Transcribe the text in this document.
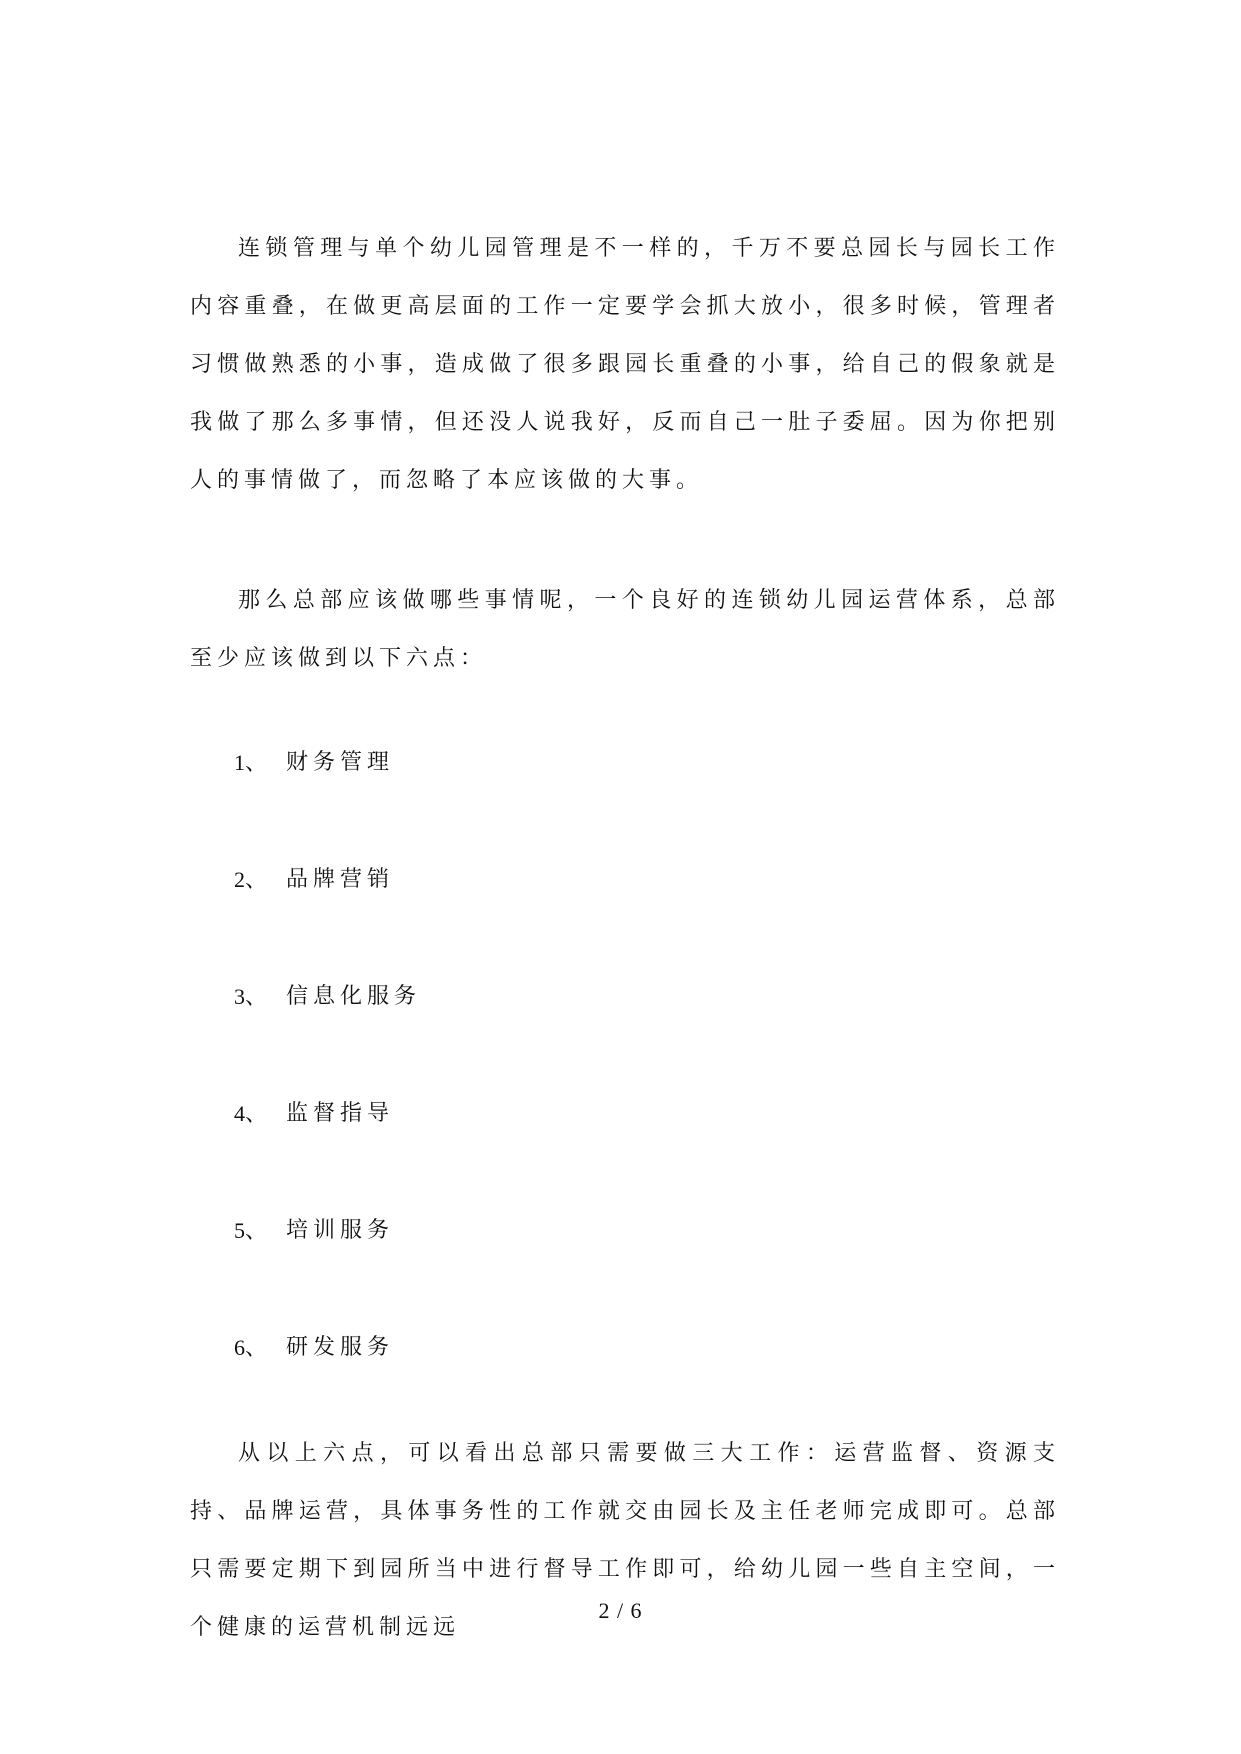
连锁管理与单个幼儿园管理是不一样的，千万不要总园长与园长工作内容重叠，在做更高层面的工作一定要学会抓大放小，很多时候，管理者习惯做熟悉的小事，造成做了很多跟园长重叠的小事，给自己的假象就是我做了那么多事情，但还没人说我好，反而自己一肚子委屈。因为你把别人的事情做了，而忽略了本应该做的大事。

那么总部应该做哪些事情呢，一个良好的连锁幼儿园运营体系，总部至少应该做到以下六点：

1、 财务管理
2、 品牌营销
3、 信息化服务
4、 监督指导
5、 培训服务
6、 研发服务

从以上六点，可以看出总部只需要做三大工作：运营监督、资源支持、品牌运营，具体事务性的工作就交由园长及主任老师完成即可。总部只需要定期下到园所当中进行督导工作即可，给幼儿园一些自主空间，一个健康的运营机制远远

2 / 6
